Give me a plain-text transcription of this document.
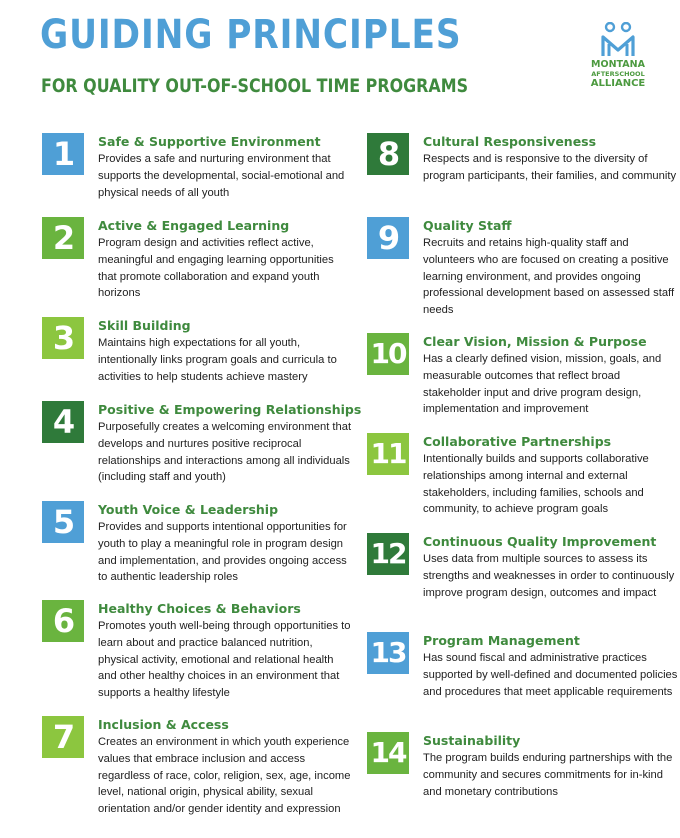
GUIDING PRINCIPLES
FOR QUALITY OUT-OF-SCHOOL TIME PROGRAMS
MONTANA
AFTERSCHOOL
ALLIANCE
1	Safe & Supportive Environment
Provides a safe and nurturing environment that supports the developmental, social-emotional and physical needs of all youth
2	Active & Engaged Learning
Program design and activities reflect active, meaningful and engaging learning opportunities that promote collaboration and expand youth horizons
3	Skill Building
Maintains high expectations for all youth, intentionally links program goals and curricula to activities to help students achieve mastery
4	Positive & Empowering Relationships
Purposefully creates a welcoming environment that develops and nurtures positive reciprocal relationships and interactions among all individuals (including staff and youth)
5	Youth Voice & Leadership
Provides and supports intentional opportunities for youth to play a meaningful role in program design and implementation, and provides ongoing access to authentic leadership roles
6	Healthy Choices & Behaviors
Promotes youth well-being through opportunities to learn about and practice balanced nutrition, physical activity, emotional and relational health and other healthy choices in an environment that supports a healthy lifestyle
7	Inclusion & Access
Creates an environment in which youth experience values that embrace inclusion and access regardless of race, color, religion, sex, age, income level, national origin, physical ability, sexual orientation and/or gender identity and expression
8	Cultural Responsiveness
Respects and is responsive to the diversity of program participants, their families, and community
9	Quality Staff
Recruits and retains high-quality staff and volunteers who are focused on creating a positive learning environment, and provides ongoing professional development based on assessed staff needs
10 Clear Vision, Mission & Purpose
Has a clearly defined vision, mission, goals, and measurable outcomes that reflect broad stakeholder input and drive program design, implementation and improvement
11 Collaborative Partnerships
Intentionally builds and supports collaborative relationships among internal and external stakeholders, including families, schools and community, to achieve program goals
12 Continuous Quality Improvement
Uses data from multiple sources to assess its strengths and weaknesses in order to continuously improve program design, outcomes and impact
13 Program Management
Has sound fiscal and administrative practices supported by well-defined and documented policies and procedures that meet applicable requirements
14 Sustainability
The program builds enduring partnerships with the community and secures commitments for in-kind and monetary contributions
